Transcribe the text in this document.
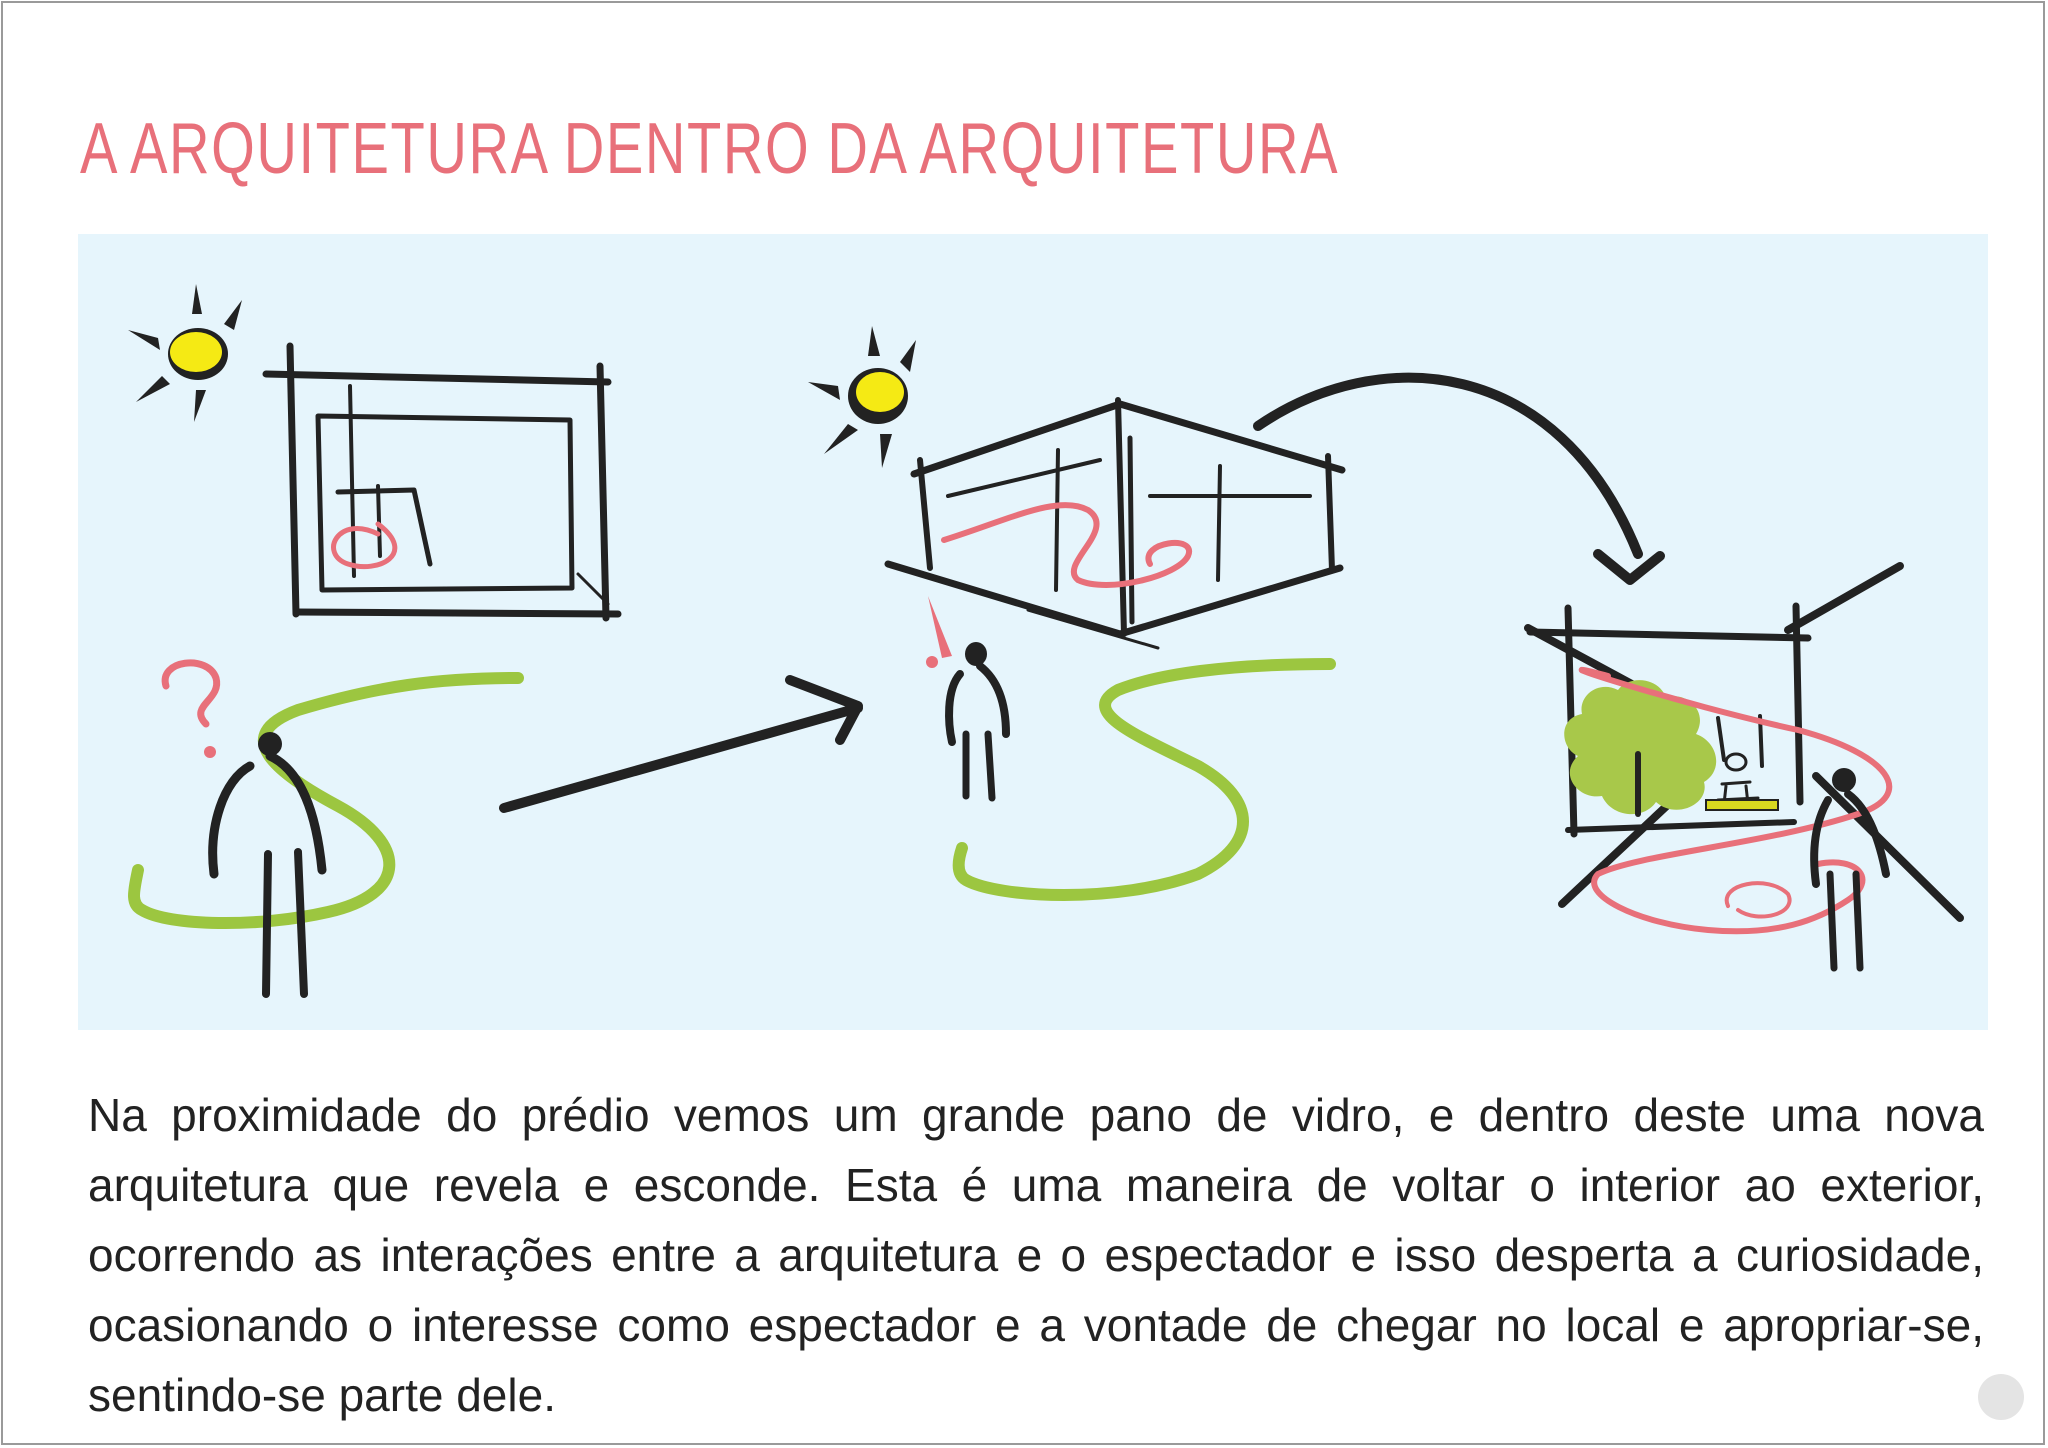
A ARQUITETURA DENTRO DA ARQUITETURA

Na proximidade do prédio vemos um grande pano de vidro, e dentro deste uma nova arquitetura que revela e esconde. Esta é uma maneira de voltar o interior ao exterior, ocorrendo as interações entre a arquitetura e o espectador e isso desperta a curiosidade, ocasionando o interesse como espectador e a vontade de chegar no local e apropriar-se, sentindo-se parte dele.
